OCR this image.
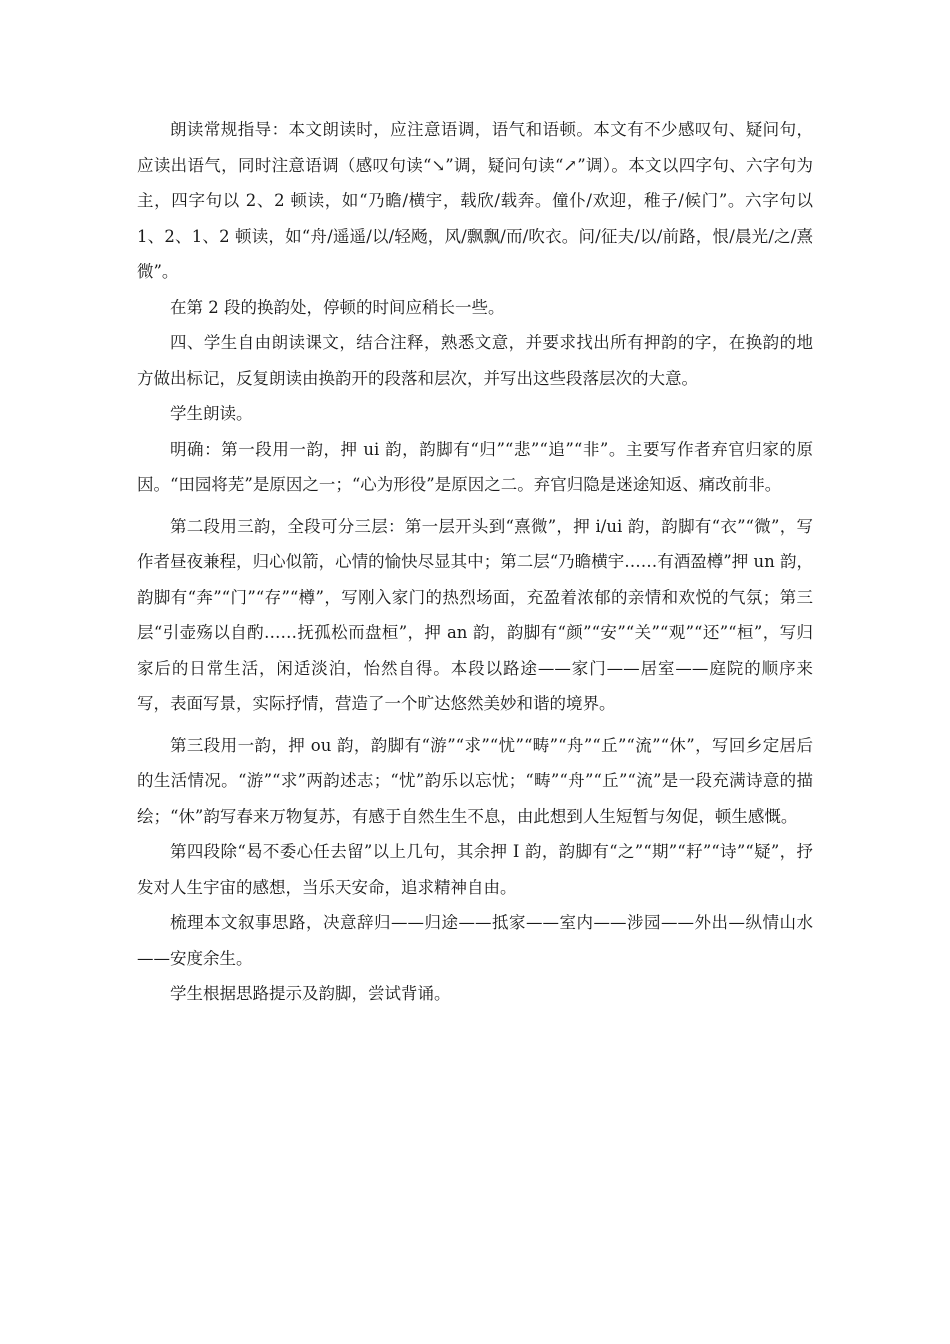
朗读常规指导：本文朗读时，应注意语调，语气和语顿。本文有不少感叹句、疑问句，应读出语气，同时注意语调（感叹句读“↘”调，疑问句读“↗”调）。本文以四字句、六字句为主，四字句以 2、2 顿读，如“乃瞻/横宇，载欣/载奔。僮仆/欢迎，稚子/候门”。六字句以 1、2、1、2 顿读，如“舟/遥遥/以/轻飏，风/飘飘/而/吹衣。问/征夫/以/前路，恨/晨光/之/熹微”。

在第 2 段的换韵处，停顿的时间应稍长一些。

四、学生自由朗读课文，结合注释，熟悉文意，并要求找出所有押韵的字，在换韵的地方做出标记，反复朗读由换韵开的段落和层次，并写出这些段落层次的大意。

学生朗读。

明确：第一段用一韵，押 ui 韵，韵脚有“归”“悲”“追”“非”。主要写作者弃官归家的原因。“田园将芜”是原因之一；“心为形役”是原因之二。弃官归隐是迷途知返、痛改前非。

第二段用三韵，全段可分三层：第一层开头到“熹微”，押 i/ui 韵，韵脚有“衣”“微”，写作者昼夜兼程，归心似箭，心情的愉快尽显其中；第二层“乃瞻横宇……有酒盈樽”押 un 韵，韵脚有“奔”“门”“存”“樽”，写刚入家门的热烈场面，充盈着浓郁的亲情和欢悦的气氛；第三层“引壶殇以自酌……抚孤松而盘桓”，押 an 韵，韵脚有“颜”“安”“关”“观”“还”“桓”，写归家后的日常生活，闲适淡泊，怡然自得。本段以路途——家门——居室——庭院的顺序来写，表面写景，实际抒情，营造了一个旷达悠然美妙和谐的境界。

第三段用一韵，押 ou 韵，韵脚有“游”“求”“忧”“畴”“舟”“丘”“流”“休”，写回乡定居后的生活情况。“游”“求”两韵述志；“忧”韵乐以忘忧；“畴”“舟”“丘”“流”是一段充满诗意的描绘；“休”韵写春来万物复苏，有感于自然生生不息，由此想到人生短暂与匆促，顿生感慨。

第四段除“曷不委心任去留”以上几句，其余押 I 韵，韵脚有“之”“期”“耔”“诗”“疑”，抒发对人生宇宙的感想，当乐天安命，追求精神自由。

梳理本文叙事思路，决意辞归——归途——抵家——室内——涉园——外出—纵情山水——安度余生。

学生根据思路提示及韵脚，尝试背诵。
